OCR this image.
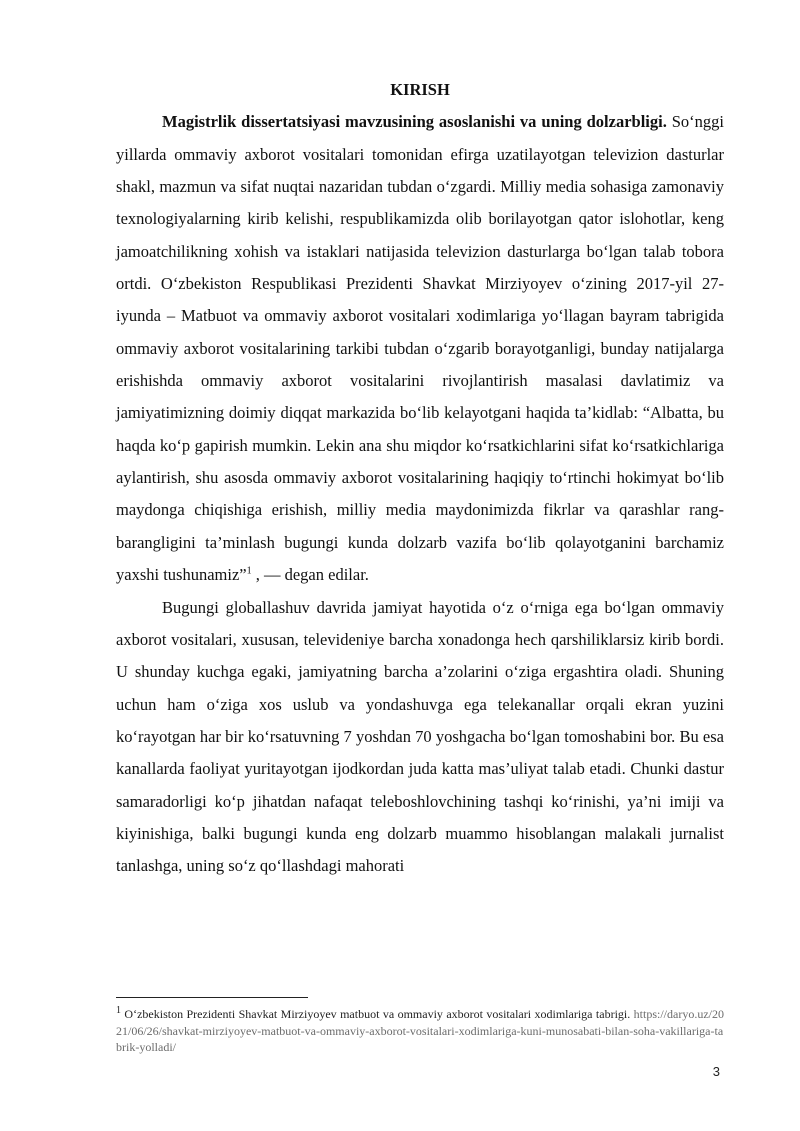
KIRISH

Magistrlik dissertatsiyasi mavzusining asoslanishi va uning dolzarbligi. So‘nggi yillarda ommaviy axborot vositalari tomonidan efirga uzatilayotgan televizion dasturlar shakl, mazmun va sifat nuqtai nazaridan tubdan o‘zgardi. Milliy media sohasiga zamonaviy texnologiyalarning kirib kelishi, respublikamizda olib borilayotgan qator islohotlar, keng jamoatchilikning xohish va istaklari natijasida televizion dasturlarga bo‘lgan talab tobora ortdi. O‘zbekiston Respublikasi Prezidenti Shavkat Mirziyoyev o‘zining 2017-yil 27-iyunda – Matbuot va ommaviy axborot vositalari xodimlariga yo‘llagan bayram tabrigida ommaviy axborot vositalarining tarkibi tubdan o‘zgarib borayotganligi, bunday natijalarga erishishda ommaviy axborot vositalarini rivojlantirish masalasi davlatimiz va jamiyatimizning doimiy diqqat markazida bo‘lib kelayotgani haqida ta’kidlab: “Albatta, bu haqda ko‘p gapirish mumkin. Lekin ana shu miqdor ko‘rsatkichlarini sifat ko‘rsatkichlariga aylantirish, shu asosda ommaviy axborot vositalarining haqiqiy to‘rtinchi hokimyat bo‘lib maydonga chiqishiga erishish, milliy media maydonimizda fikrlar va qarashlar rang-barangligini ta’minlash bugungi kunda dolzarb vazifa bo‘lib qolayotganini barchamiz yaxshi tushunamiz”$^1$ , — degan edilar.

Bugungi globallashuv davrida jamiyat hayotida o‘z o‘rniga ega bo‘lgan ommaviy axborot vositalari, xususan, televideniye barcha xonadonga hech qarshiliklarsiz kirib bordi. U shunday kuchga egaki, jamiyatning barcha a’zolarini o‘ziga ergashtira oladi. Shuning uchun ham o‘ziga xos uslub va yondashuvga ega telekanallar orqali ekran yuzini ko‘rayotgan har bir ko‘rsatuvning 7 yoshdan 70 yoshgacha bo‘lgan tomoshabini bor. Bu esa kanallarda faoliyat yuritayotgan ijodkordan juda katta mas’uliyat talab etadi. Chunki dastur samaradorligi ko‘p jihatdan nafaqat teleboshlovchining tashqi ko‘rinishi, ya’ni imiji va kiyinishiga, balki bugungi kunda eng dolzarb muammo hisoblangan malakali jurnalist tanlashga, uning so‘z qo‘llashdagi mahorati

$^1$ O‘zbekiston Prezidenti Shavkat Mirziyoyev matbuot va ommaviy axborot vositalari xodimlariga tabrigi. https://daryo.uz/2021/06/26/shavkat-mirziyoyev-matbuot-va-ommaviy-axborot-vositalari-xodimlariga-kuni-munosabati-bilan-soha-vakillariga-tabrik-yolladi/
3
